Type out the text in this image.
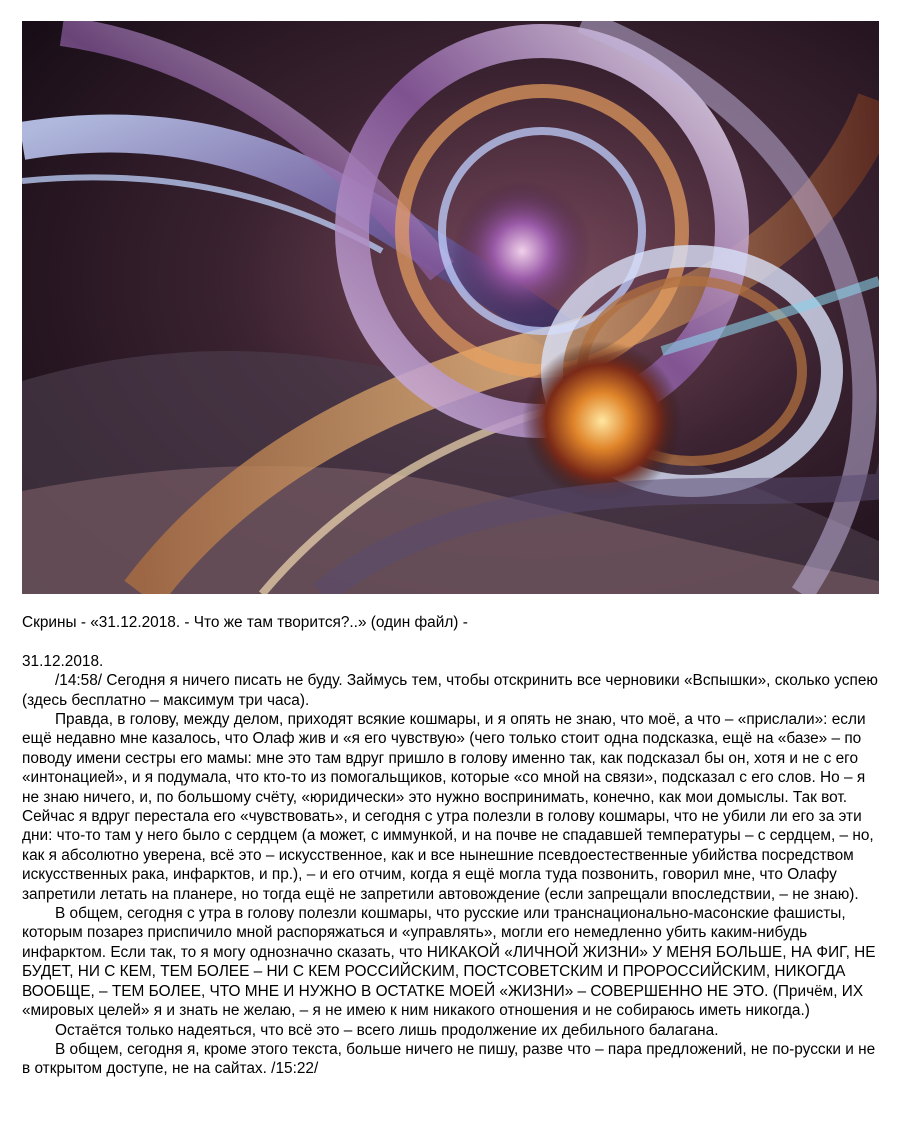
Скрины - «31.12.2018. - Что же там творится?..» (один файл) -

31.12.2018.

/14:58/ Сегодня я ничего писать не буду. Займусь тем, чтобы отскринить все черновики «Вспышки», сколько успею (здесь бесплатно – максимум три часа).

Правда, в голову, между делом, приходят всякие кошмары, и я опять не знаю, что моё, а что – «прислали»: если ещё недавно мне казалось, что Олаф жив и «я его чувствую» (чего только стоит одна подсказка, ещё на «базе» – по поводу имени сестры его мамы: мне это там вдруг пришло в голову именно так, как подсказал бы он, хотя и не с его «интонацией», и я подумала, что кто-то из помогальщиков, которые «со мной на связи», подсказал с его слов. Но – я не знаю ничего, и, по большому счёту, «юридически» это нужно воспринимать, конечно, как мои домыслы. Так вот. Сейчас я вдруг перестала его «чувствовать», и сегодня с утра полезли в голову кошмары, что не убили ли его за эти дни: что-то там у него было с сердцем (а может, с иммункой, и на почве не спадавшей температуры – с сердцем, – но, как я абсолютно уверена, всё это – искусственное, как и все нынешние псевдоестественные убийства посредством искусственных рака, инфарктов, и пр.), – и его отчим, когда я ещё могла туда позвонить, говорил мне, что Олафу запретили летать на планере, но тогда ещё не запретили автовождение (если запрещали впоследствии, – не знаю).

В общем, сегодня с утра в голову полезли кошмары, что русские или транснационально-масонские фашисты, которым позарез приспичило мной распоряжаться и «управлять», могли его немедленно убить каким-нибудь инфарктом. Если так, то я могу однозначно сказать, что НИКАКОЙ «ЛИЧНОЙ ЖИЗНИ» У МЕНЯ БОЛЬШЕ, НА ФИГ, НЕ БУДЕТ, НИ С КЕМ, ТЕМ БОЛЕЕ – НИ С КЕМ РОССИЙСКИМ, ПОСТСОВЕТСКИМ И ПРОРОССИЙСКИМ, НИКОГДА ВООБЩЕ, – ТЕМ БОЛЕЕ, ЧТО МНЕ И НУЖНО В ОСТАТКЕ МОЕЙ «ЖИЗНИ» – СОВЕРШЕННО НЕ ЭТО. (Причём, ИХ «мировых целей» я и знать не желаю, – я не имею к ним никакого отношения и не собираюсь иметь никогда.)

Остаётся только надеяться, что всё это – всего лишь продолжение их дебильного балагана.

В общем, сегодня я, кроме этого текста, больше ничего не пишу, разве что – пара предложений, не по-русски и не в открытом доступе, не на сайтах. /15:22/
